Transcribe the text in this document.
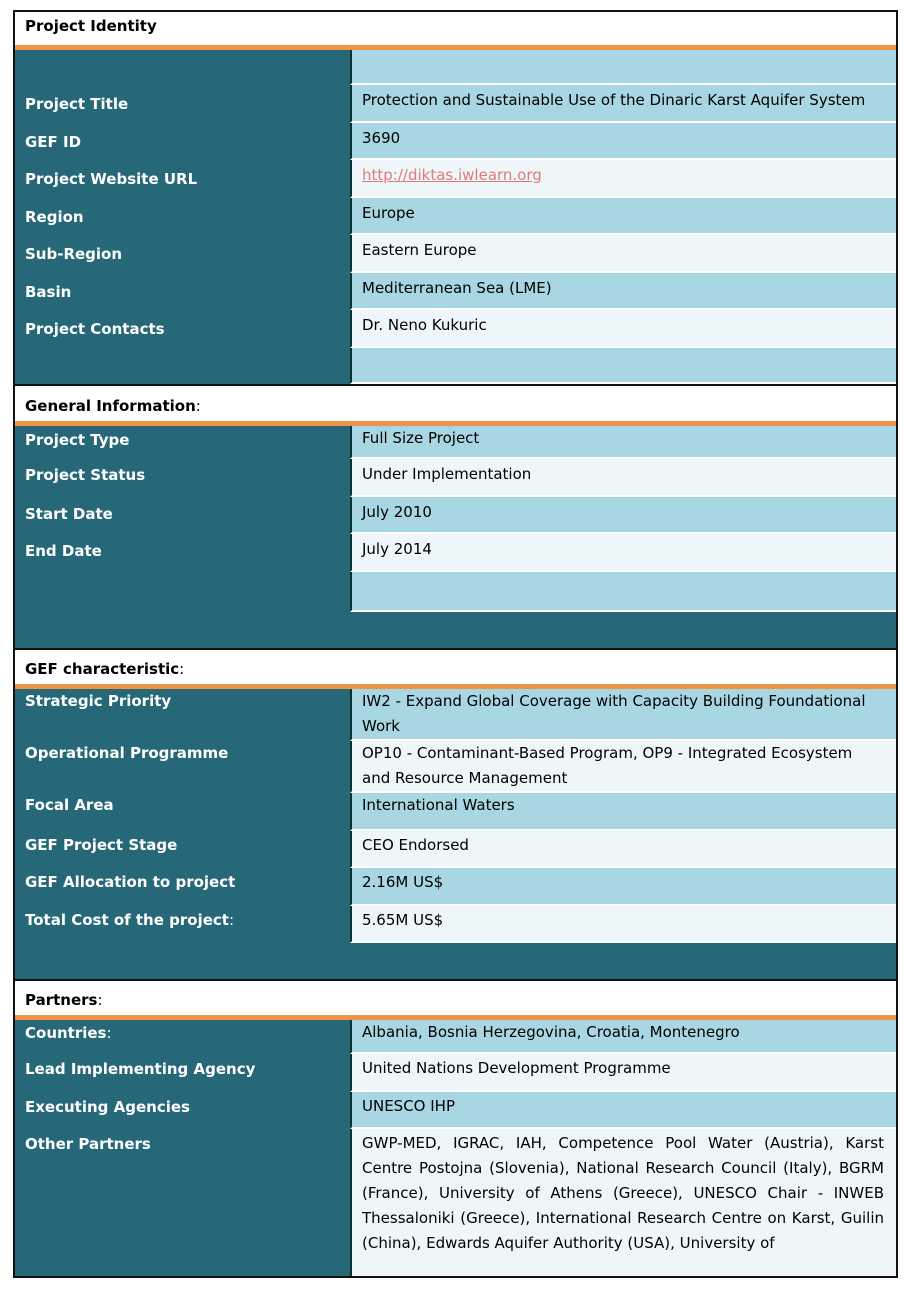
Project Identity
Project Title	Protection and Sustainable Use of the Dinaric Karst Aquifer System
GEF ID	3690
Project Website URL	http://diktas.iwlearn.org
Region	Europe
Sub-Region	Eastern Europe
Basin	Mediterranean Sea (LME)
Project Contacts	Dr. Neno Kukuric
General Information:
Project Type	Full Size Project
Project Status	Under Implementation
Start Date	July 2010
End Date	July 2014
GEF characteristic:
Strategic Priority	IW2 - Expand Global Coverage with Capacity Building Foundational Work
Operational Programme	OP10 - Contaminant-Based Program, OP9 - Integrated Ecosystem and Resource Management
Focal Area	International Waters
GEF Project Stage	CEO Endorsed
GEF Allocation to project	2.16M US$
Total Cost of the project:	5.65M US$
Partners:
Countries:	Albania, Bosnia Herzegovina, Croatia, Montenegro
Lead Implementing Agency	United Nations Development Programme
Executing Agencies	UNESCO IHP
Other Partners	GWP-MED, IGRAC, IAH, Competence Pool Water (Austria), Karst Centre Postojna (Slovenia), National Research Council (Italy), BGRM (France), University of Athens (Greece), UNESCO Chair - INWEB Thessaloniki (Greece), International Research Centre on Karst, Guilin (China), Edwards Aquifer Authority (USA), University of
